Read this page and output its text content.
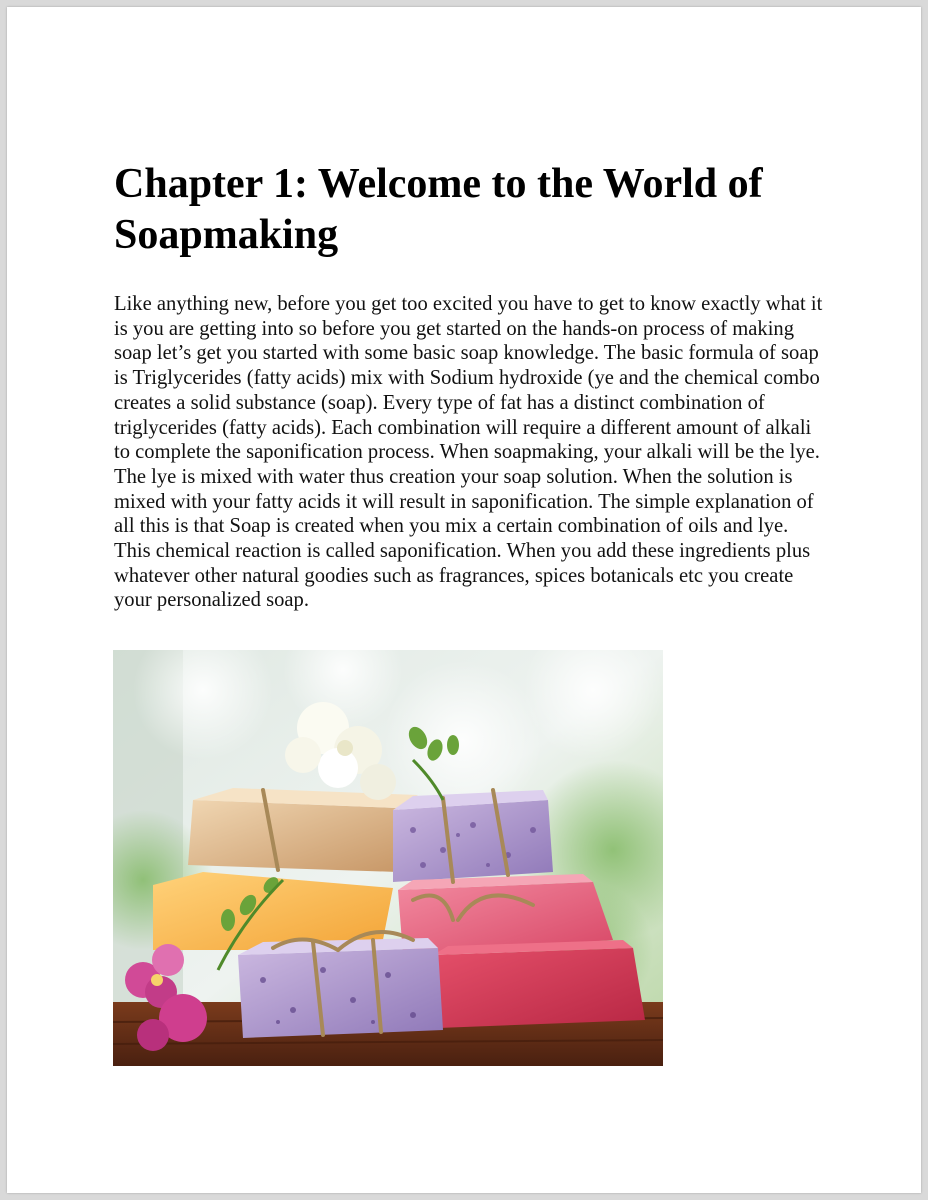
Chapter 1: Welcome to the World of Soapmaking

Like anything new, before you get too excited you have to get to know exactly what it is you are getting into so before you get started on the hands-on process of making soap let’s get you started with some basic soap knowledge. The basic formula of soap is Triglycerides (fatty acids) mix with Sodium hydroxide (ye and the chemical combo creates a solid substance (soap). Every type of fat has a distinct combination of triglycerides (fatty acids). Each combination will require a different amount of alkali to complete the saponification process. When soapmaking, your alkali will be the lye. The lye is mixed with water thus creation your soap solution. When the solution is mixed with your fatty acids it will result in saponification. The simple explanation of all this is that Soap is created when you mix a certain combination of oils and lye. This chemical reaction is called saponification. When you add these ingredients plus whatever other natural goodies such as fragrances, spices botanicals etc you create your personalized soap.
